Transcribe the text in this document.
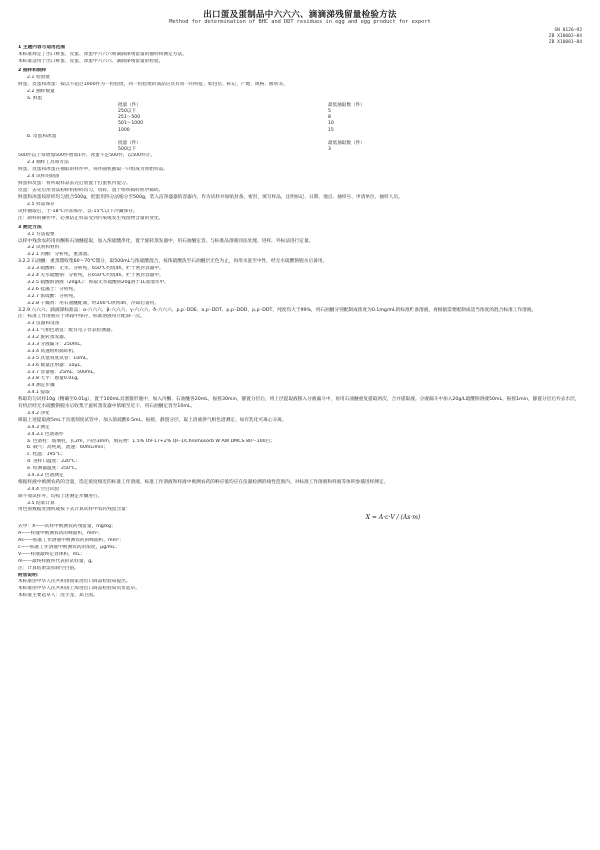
出口蛋及蛋制品中六六六、滴滴涕残留量检验方法
Method for determination of BHC and DDT residues in egg and egg product for export
SN 0126—92
ZB X10002—84
ZB X10001—84
1 主题内容与适用范围
本标准规定了出口鲜蛋、皮蛋、冰蛋中六六六和滴滴涕残留量的抽样和测定方法。
本标准适用于出口鲜蛋、皮蛋、冰蛋中六六六、滴滴涕残留量的检验。
2 抽样和制样
2.1 检验批
鲜蛋、皮蛋和冰蛋：按以不超过1000件为一检验批，同一检验批的商品应具有同一的特征，如包装、标记、产地、规格、级别等。
2.2 抽样数量
a. 鲜蛋
批量（件）	最低抽取数（件）
250以下	5
251～500	8
501～1000	10
1000	15
b. 皮蛋和冰蛋
批量（件）	最低抽取数（件）
500以下	3
500件以上每增加500件增加1件，冰蛋不足500件，以500件计。
2.3 抽样工具和方法
鲜蛋、皮蛋和冰蛋在抽取的样件中，每件随机抽取一只组成为原始样品。
2.4 试样的制备
鲜蛋和皮蛋：将所取样品去壳后放置于打蛋机内混匀。
皮蛋：去壳后用食品粉碎机粉碎均匀，切碎，置于组织捣碎机中捣碎。
鲜蛋和冰蛋按原样均匀混合500g，把蛋用四分法缩分至500g，装入洁净盛器的容器内，作为试样并加贴封条，密封，填写样品，注明标记、日期、地点、抽样号、申请单位、抽样人员。
2.5 样品保存
试样抽取后，于-18℃冷冻保存，以-15℃以下冷藏保存。
注：制样的操作中，必须防止样品受到污染或发生残留物含量的变化。
3 测定方法
3.1 方法提要
以样中残余农药用丙酮和石油醚提取，加入浓硫酸净化，置于旋转蒸发器中，用石油醚定容，与标准品溶液同法处理，进样，外标法进行定量。
3.2 试剂和材料
3.2.1 丙酮：分析纯，重蒸馏。
3.2.2 石油醚：重蒸馏收集60～70℃馏分，取500mL与浓硫酸混合，按浓硫酸洗至石油醚层无色为止，再用水洗至中性，经无水硫酸钠脱水后备用。
3.2.3 硫酸钠：无水，分析纯，650℃灼烧4h，贮于密封容器中。
3.2.4 无水硫酸钠：分析纯，在650℃灼烧4h，贮于密封容器中。
3.2.5 硫酸钠溶液（20g/L）：称取无水硫酸钠20g溶于1L蒸馏水中。
3.2.6 硅藻土：分析纯。
3.2.7 浓硫酸：分析纯。
3.2.8 干燥剂：用石油醚配制，经200℃烘烤4h，冷却后备用。
3.2.9 六六六、滴滴涕标准品：α-六六六、β-六六六、γ-六六六、δ-六六六、p,p′-DDE、o,p′-DDT、p,p′-DDD、p,p′-DDT，纯度均大于99%，用石油醚分别配制成浓度为0.1mg/mL的标准贮备溶液，再根据需要配制成适当浓度的混合标准工作溶液。
注：标准工作溶液应于冰箱中保存，标准溶液每月配制一次。
3.3 仪器和设备
3.3.1 气相色谱仪：配有电子俘获检测器。
3.3.2 旋转蒸发器。
3.3.3 分液漏斗：250mL。
3.3.4 高速组织捣碎机。
3.3.5 具塞刻度试管：10mL。
3.3.6 微量注射器：10μL。
3.3.7 容量瓶：25mL、500mL。
3.3.8 天平：感量0.01g。
3.4 测定步骤
3.4.1 提取
称取均匀试样10g（精确至0.01g），置于100mL具塞锥形瓶中，加入丙酮、石油醚各20mL，振摇30min，静置分层后，将上层提取液移入分液漏斗中，再用石油醚重复提取两次，合并提取液。分液漏斗中加入20g/L硫酸钠溶液50mL，振摇1min，静置分层后弃去水层，有机层经无水硫酸钠脱水后收集于旋转蒸发器中浓缩至近干，用石油醚定容至10mL。
3.4.2 净化
吸取上述提取液5mL于具塞刻度试管中，加入浓硫酸0.5mL，振摇，静置分层，取上清液供气相色谱测定。如有乳化可离心分离。
3.4.3 测定
3.4.3.1 色谱条件
a. 色谱柱：玻璃柱，长2m，内径3mm，填充物：1.5% OV-17+2% QF-1/Chromosorb W AW DMCS 80～100目；
b. 载气：高纯氮，流速：60mL/min；
c. 柱温：195℃；
d. 进样口温度：220℃；
e. 检测器温度：250℃。
3.4.3.2 色谱测定
根据样液中被测农药的含量，选定浓度相近的标准工作溶液。标准工作溶液和样液中被测农药的响应值均应在仪器检测的线性范围内。对标准工作溶液和样液等体积参插进样测定。
3.4.4 空白试验
除不加试样外，均按上述测定步骤进行。
3.5 结果计算
用色谱数据处理机或按下式计算试样中农药残留含量：
X = A·c·V / (As·m)
式中：X——试样中被测农药残留量，mg/kg；
A——样液中被测农药的峰面积，mm²；
As——标准工作溶液中被测农药的峰面积，mm²；
c——标准工作溶液中被测农药的浓度，μg/mL；
V——样液最终定容体积，mL；
m——最终样液所代表的试样量，g。
注：计算结果需扣除空白值。
附加说明：
本标准由中华人民共和国国家进出口商品检验局提出。
本标准由中华人民共和国上海进出口商品检验局负责起草。
本标准主要起草人：沈小龙、郑卫国。
